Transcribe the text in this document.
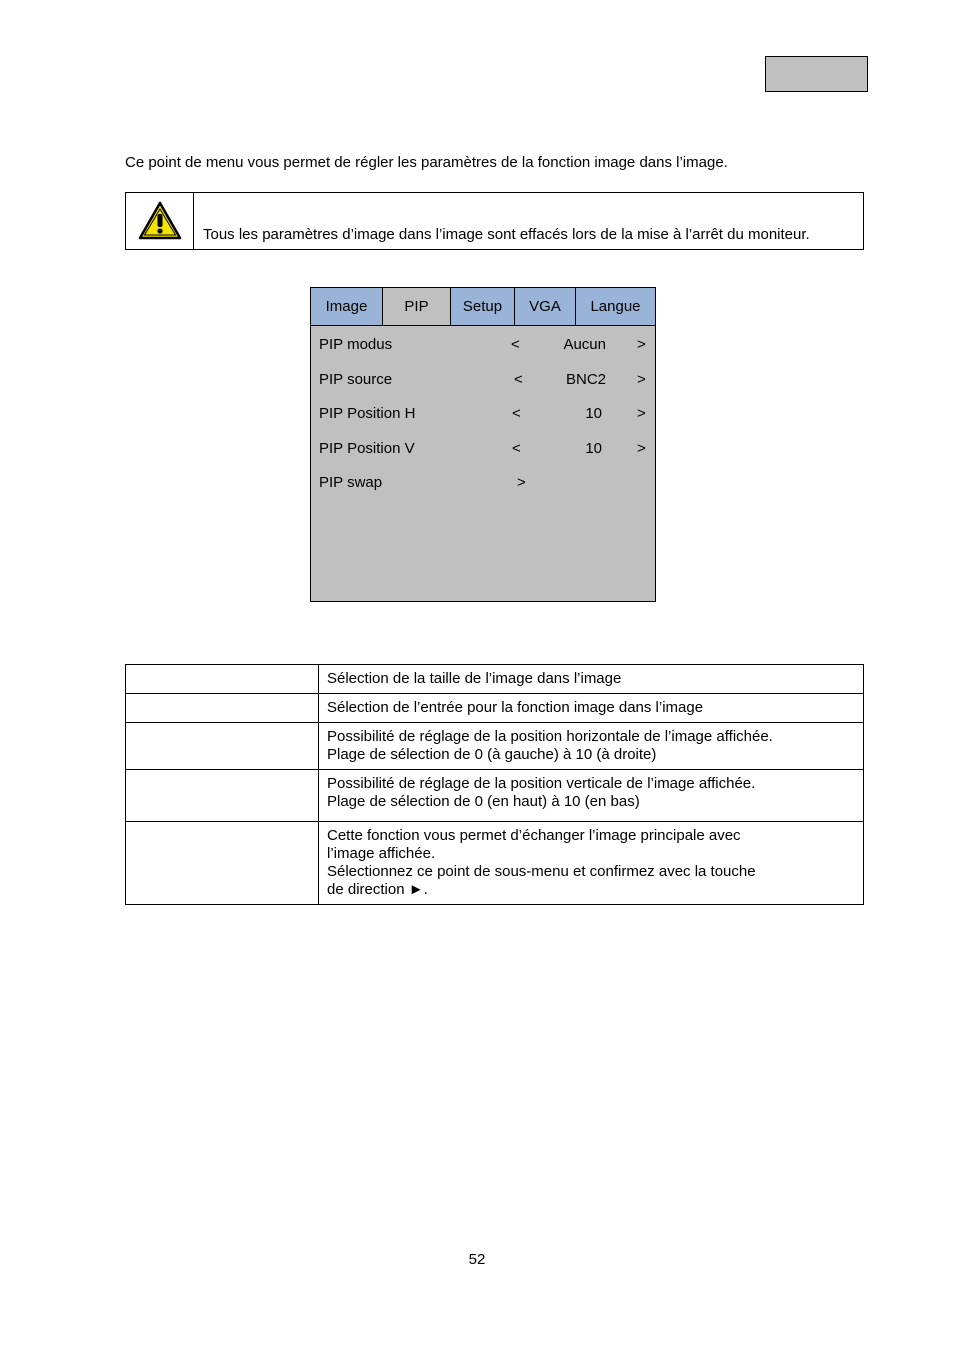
Ce point de menu vous permet de régler les paramètres de la fonction image dans l’image.
Tous les paramètres d’image dans l’image sont effacés lors de la mise à l’arrêt du moniteur.
Image	PIP	Setup	VGA	Langue
PIP modus	<	Aucun >
PIP source	<	BNC2 >
PIP Position H	<	10 >
PIP Position V	<	10 >
PIP swap	>

	Sélection de la taille de l’image dans l’image

	Sélection de l’entrée pour la fonction image dans l’image

	Possibilité de réglage de la position horizontale de l’image affichée.
Plage de sélection de 0 (à gauche) à 10 (à droite)

	Possibilité de réglage de la position verticale de l’image affichée.
Plage de sélection de 0 (en haut) à 10 (en bas)

	Cette fonction vous permet d’échanger l’image principale avec
l’image affichée.
Sélectionnez ce point de sous-menu et confirmez avec la touche
de direction ►.
52
